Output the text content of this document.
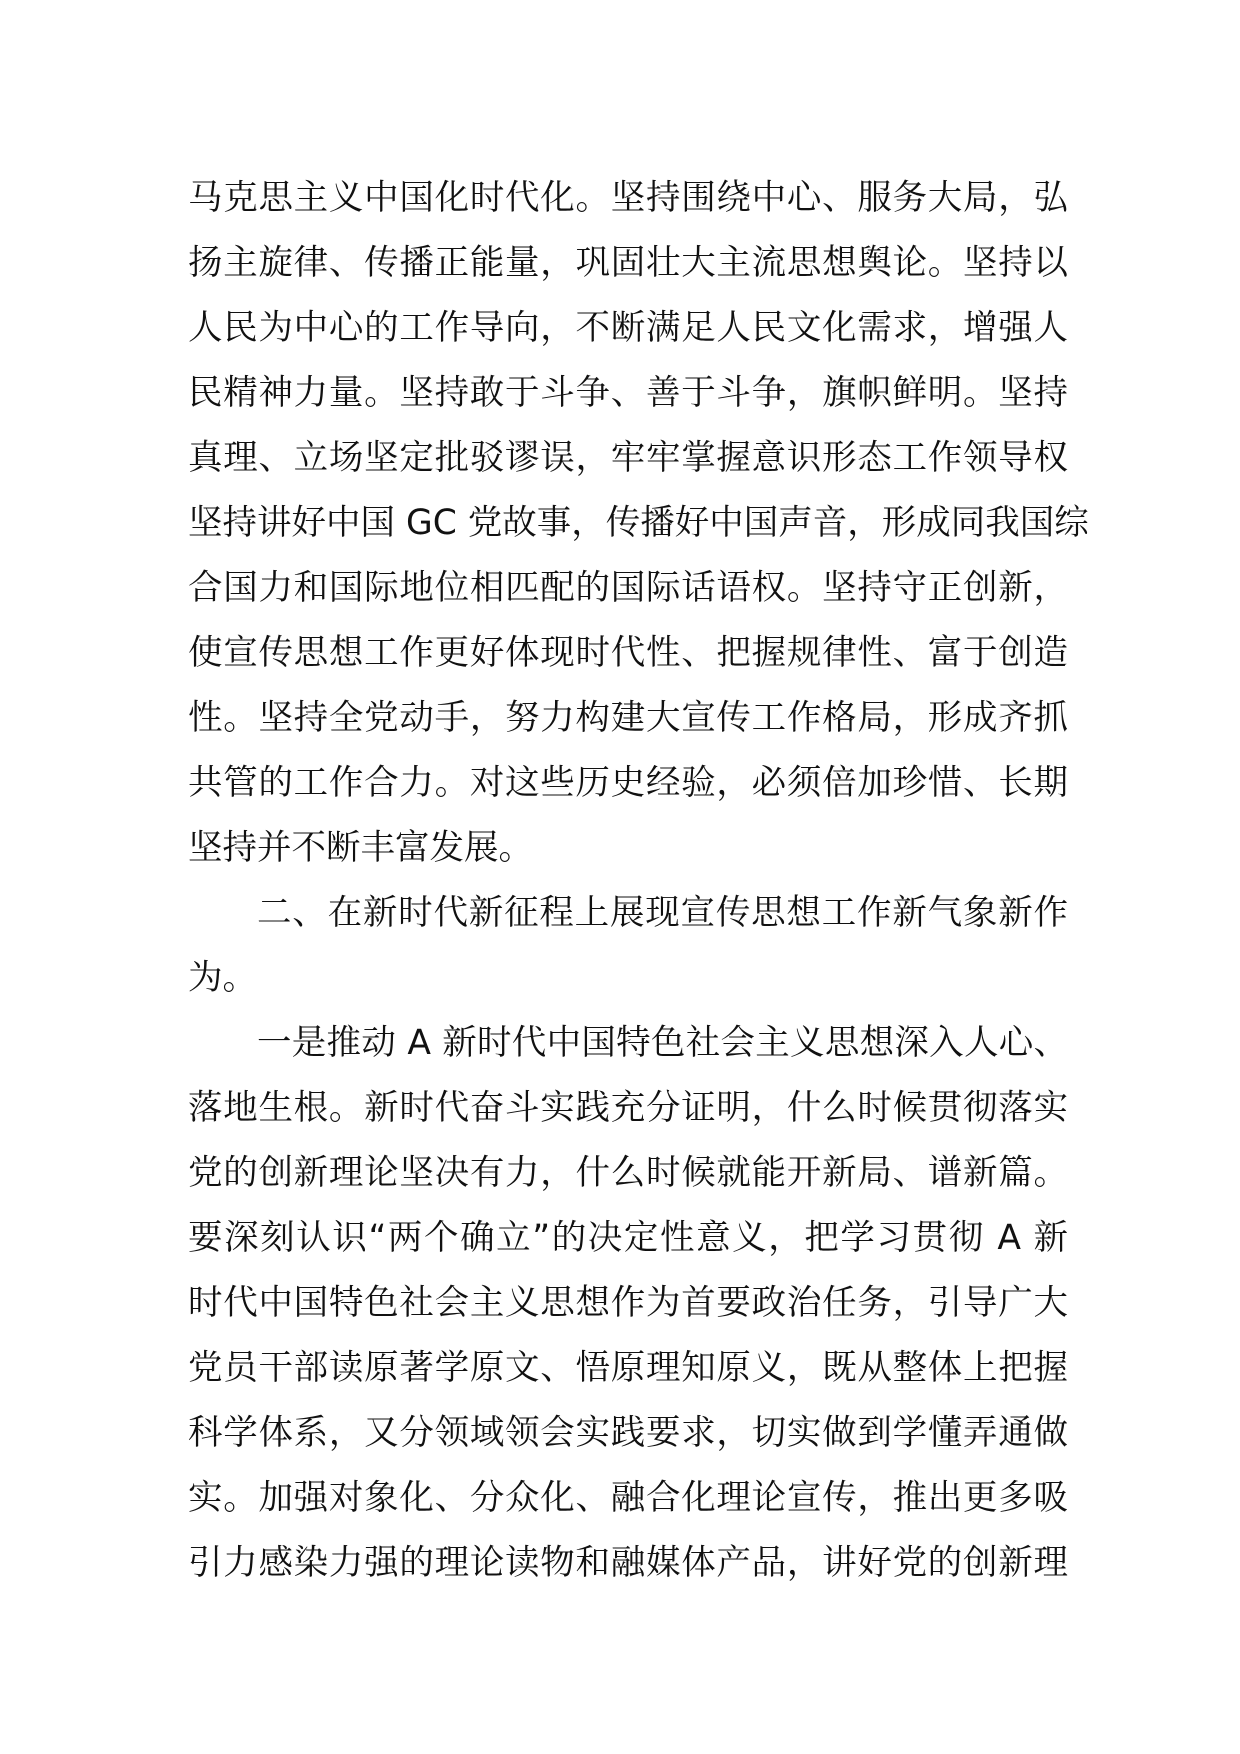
马克思主义中国化时代化。坚持围绕中心、服务大局，弘
扬主旋律、传播正能量，巩固壮大主流思想舆论。坚持以
人民为中心的工作导向，不断满足人民文化需求，增强人
民精神力量。坚持敢于斗争、善于斗争，旗帜鲜明。坚持
真理、立场坚定批驳谬误，牢牢掌握意识形态工作领导权
坚持讲好中国 GC 党故事，传播好中国声音，形成同我国综
合国力和国际地位相匹配的国际话语权。坚持守正创新，
使宣传思想工作更好体现时代性、把握规律性、富于创造
性。坚持全党动手，努力构建大宣传工作格局，形成齐抓
共管的工作合力。对这些历史经验，必须倍加珍惜、长期
坚持并不断丰富发展。
二、在新时代新征程上展现宣传思想工作新气象新作
为。
一是推动 A 新时代中国特色社会主义思想深入人心、
落地生根。新时代奋斗实践充分证明，什么时候贯彻落实
党的创新理论坚决有力，什么时候就能开新局、谱新篇。
要深刻认识“两个确立”的决定性意义，把学习贯彻 A 新
时代中国特色社会主义思想作为首要政治任务，引导广大
党员干部读原著学原文、悟原理知原义，既从整体上把握
科学体系，又分领域领会实践要求，切实做到学懂弄通做
实。加强对象化、分众化、融合化理论宣传，推出更多吸
引力感染力强的理论读物和融媒体产品，讲好党的创新理
